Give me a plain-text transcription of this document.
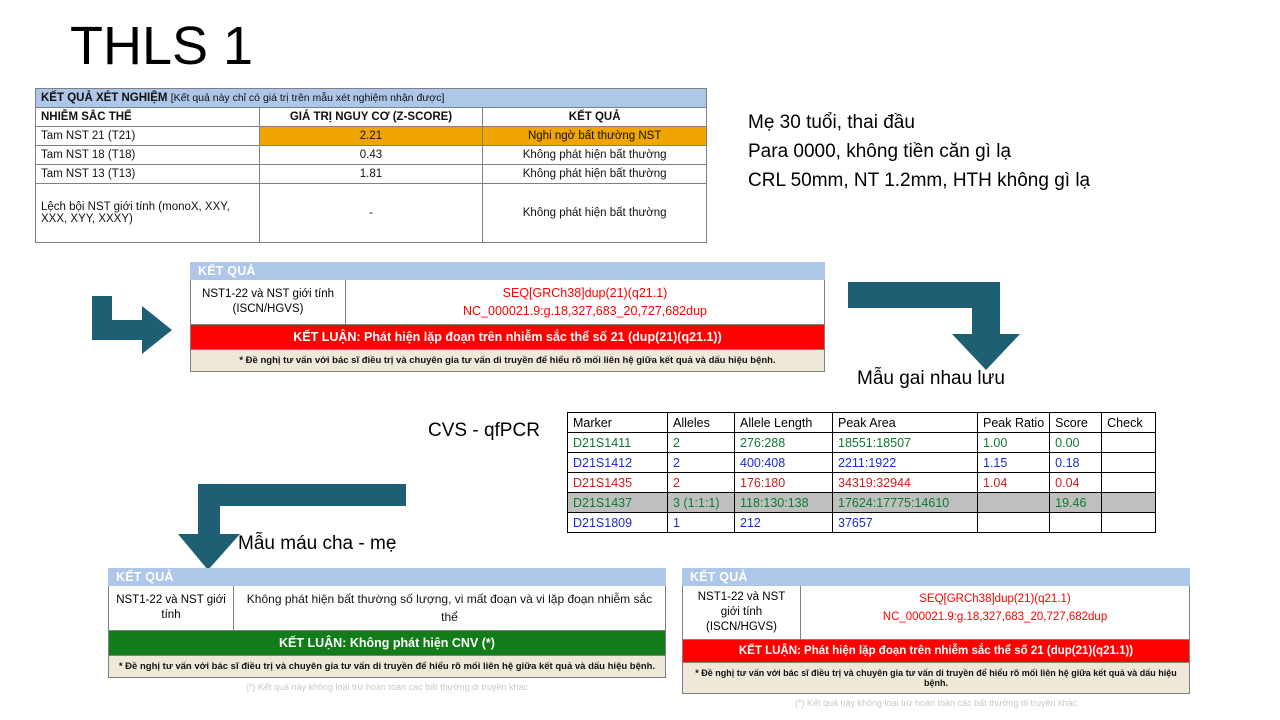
THLS 1
KẾT QUẢ XÉT NGHIỆM [Kết quả này chỉ có giá trị trên mẫu xét nghiệm nhận được]		
NHIỄM SẮC THỂ	GIÁ TRỊ NGUY CƠ (Z-SCORE)	KẾT QUẢ
Tam NST 21 (T21)	2.21	Nghi ngờ bất thường NST
Tam NST 18 (T18)	0.43	Không phát hiện bất thường
Tam NST 13 (T13)	1.81	Không phát hiện bất thường
Lệch bội NST giới tính (monoX, XXY, XXX, XYY, XXXY)	-	Không phát hiện bất thường
Mẹ 30 tuổi, thai đầu
Para 0000, không tiền căn gì lạ
CRL 50mm, NT 1.2mm, HTH không gì lạ
KẾT QUẢ
NST1-22 và NST giới tính (ISCN/HGVS)
SEQ[GRCh38]dup(21)(q21.1)
NC_000021.9:g.18,327,683_20,727,682dup
KẾT LUẬN: Phát hiện lặp đoạn trên nhiễm sắc thể số 21 (dup(21)(q21.1))
* Đề nghị tư vấn với bác sĩ điều trị và chuyên gia tư vấn di truyền để hiểu rõ mối liên hệ giữa kết quả và dấu hiệu bệnh.
CVS - qfPCR
Mẫu gai nhau lưu
Mẫu máu cha - mẹ
Marker	Alleles	Allele Length	Peak Area	Peak Ratio	Score	Check
D21S1411	2	276:288	18551:18507	1.00	0.00	
D21S1412	2	400:408	2211:1922	1.15	0.18	
D21S1435	2	176:180	34319:32944	1.04	0.04	
D21S1437	3 (1:1:1)	118:130:138	17624:17775:14610		19.46	
D21S1809	1	212	37657			
KẾT QUẢ
NST1-22 và NST giới tính
Không phát hiện bất thường số lượng, vi mất đoạn và vi lặp đoạn nhiễm sắc thể
KẾT LUẬN: Không phát hiện CNV (*)
* Đề nghị tư vấn với bác sĩ điều trị và chuyên gia tư vấn di truyền để hiểu rõ mối liên hệ giữa kết quả và dấu hiệu bệnh.
(*) Kết quả này không loại trừ hoàn toàn các bất thường di truyền khác
KẾT QUẢ
NST1-22 và NST giới tính (ISCN/HGVS)
SEQ[GRCh38]dup(21)(q21.1)
NC_000021.9:g.18,327,683_20,727,682dup
KẾT LUẬN: Phát hiện lặp đoạn trên nhiễm sắc thể số 21 (dup(21)(q21.1))
* Đề nghị tư vấn với bác sĩ điều trị và chuyên gia tư vấn di truyền để hiểu rõ mối liên hệ giữa kết quả và dấu hiệu bệnh.
(*) Kết quả này không loại trừ hoàn toàn các bất thường di truyền khác
